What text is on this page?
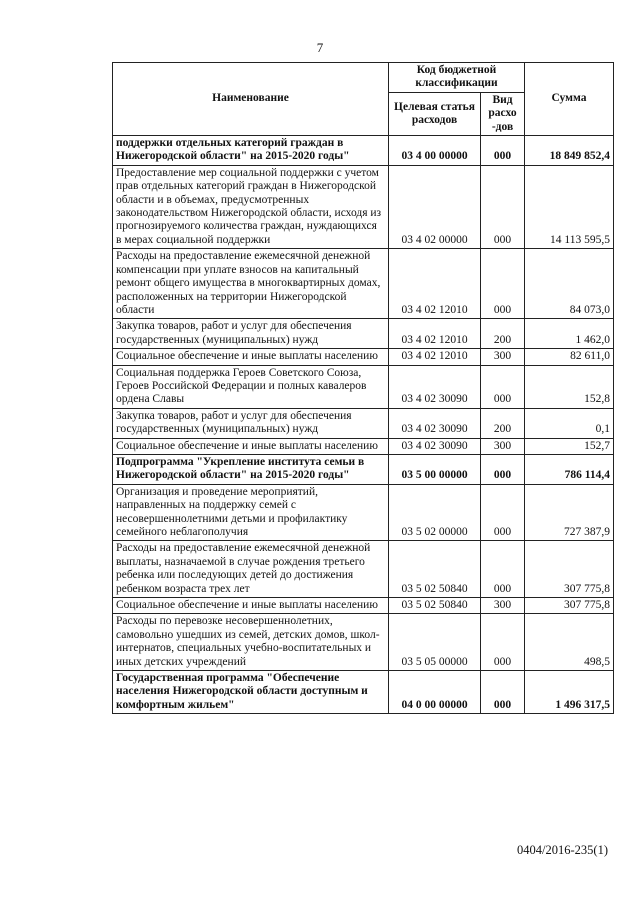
7
Наименование	Код бюджетной классификации		Сумма
	Целевая статья расходов	Вид расхо -дов	
поддержки отдельных категорий граждан в Нижегородской области" на 2015-2020 годы"	03 4 00 00000	000	18 849 852,4
Предоставление мер социальной поддержки с учетом прав отдельных категорий граждан в Нижегородской области и в объемах, предусмотренных законодательством Нижегородской области, исходя из прогнозируемого количества граждан, нуждающихся в мерах социальной поддержки	03 4 02 00000	000	14 113 595,5
Расходы на предоставление ежемесячной денежной компенсации при уплате взносов на капитальный ремонт общего имущества в многоквартирных домах, расположенных на территории Нижегородской области	03 4 02 12010	000	84 073,0
Закупка товаров, работ и услуг для обеспечения государственных (муниципальных) нужд	03 4 02 12010	200	1 462,0
Социальное обеспечение и иные выплаты населению	03 4 02 12010	300	82 611,0
Социальная поддержка Героев Советского Союза, Героев Российской Федерации и полных кавалеров ордена Славы	03 4 02 30090	000	152,8
Закупка товаров, работ и услуг для обеспечения государственных (муниципальных) нужд	03 4 02 30090	200	0,1
Социальное обеспечение и иные выплаты населению	03 4 02 30090	300	152,7
Подпрограмма "Укрепление института семьи в Нижегородской области" на 2015-2020 годы"	03 5 00 00000	000	786 114,4
Организация и проведение мероприятий, направленных на поддержку семей с несовершеннолетними детьми и профилактику семейного неблагополучия	03 5 02 00000	000	727 387,9
Расходы на предоставление ежемесячной денежной выплаты, назначаемой в случае рождения третьего ребенка или последующих детей до достижения ребенком возраста трех лет	03 5 02 50840	000	307 775,8
Социальное обеспечение и иные выплаты населению	03 5 02 50840	300	307 775,8
Расходы по перевозке несовершеннолетних, самовольно ушедших из семей, детских домов, школ-интернатов, специальных учебно-воспитательных и иных детских учреждений	03 5 05 00000	000	498,5
Государственная программа "Обеспечение населения Нижегородской области доступным и комфортным жильем"	04 0 00 00000	000	1 496 317,5
0404/2016-235(1)
